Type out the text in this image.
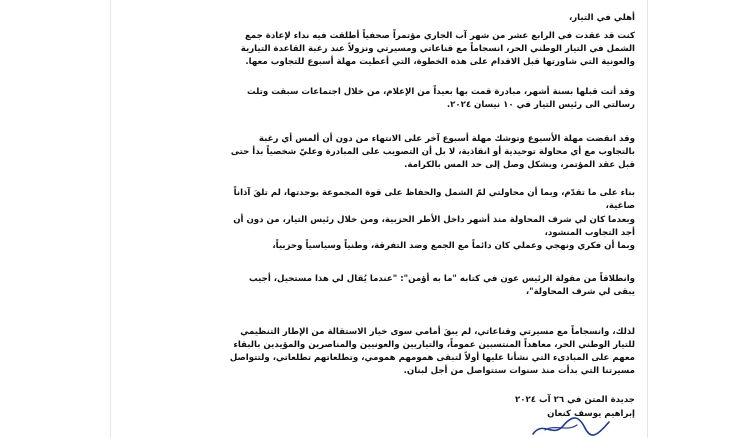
أهلي في التيار،
كنت قد عقدت في الرابع عشر من شهر آب الجاري مؤتمراً صحفياً أطلقت فيه نداء لإعادة جمع الشمل في التيار الوطني الحر، انسجاماً مع قناعاتي ومسيرتي ونزولاً عند رغبة القاعدة التيارية والعونية التي شاورتها قبل الاقدام على هذه الخطوة، التي أعطيت مهلة أسبوع للتجاوب معها.
وقد أتت قبلها بسنة أشهر، مبادرة قمت بها بعيداً من الإعلام، من خلال اجتماعات سبقت وتلت رسالتي الى رئيس التيار في ١٠ نيسان ٢٠٢٤.
وقد انقضت مهلة الأسبوع وتوشك مهلة أسبوع آخر على الانتهاء من دون أن ألمس أي رغبة بالتجاوب مع أي محاولة توحيدية أو انقاذية، لا بل أن التصويب على المبادرة وعليّ شخصياً بدأ حتى قبل عقد المؤتمر، وبشكل وصل إلى حد المس بالكرامة.
بناء على ما تقدّم، وبما أن محاولتي لمّ الشمل والحفاظ على قوة المجموعة بوحدتها، لم تلقَ آذاناً صاغية،
وبعدما كان لي شرف المحاولة منذ أشهر داخل الأطر الحزبية، ومن خلال رئيس التيار، من دون أن أجد التجاوب المنشود،
وبما أن فكري ونهجي وعملي كان دائماً مع الجمع وضد التفرقة، وطنياً وسياسياً وحزبياً،
وانطلاقاً من مقولة الرئيس عون في كتابه "ما به أؤمن": "عندما يُقال لي هذا مستحيل، أجيب يبقى لي شرف المحاولة"،
لذلك، وانسجاماً مع مسيرتي وقناعاتي، لم يبقَ أمامي سوى خيار الاستقالة من الإطار التنظيمي للتيار الوطني الحر، معاهداً المنتسبين عموماً، والتياريين والعونيين والمناصرين والمؤيدين بالبقاء معهم على المبادىء التي نشأنا عليها أولاً لتبقى همومهم همومي، وتطلعاتهم تطلعاتي، ولتتواصل مسيرتنا التي بدأت منذ سنوات ستتواصل من أجل لبنان.
جديدة المتن في ٢٦ آب ٢٠٢٤
إبراهيم يوسف كنعان
